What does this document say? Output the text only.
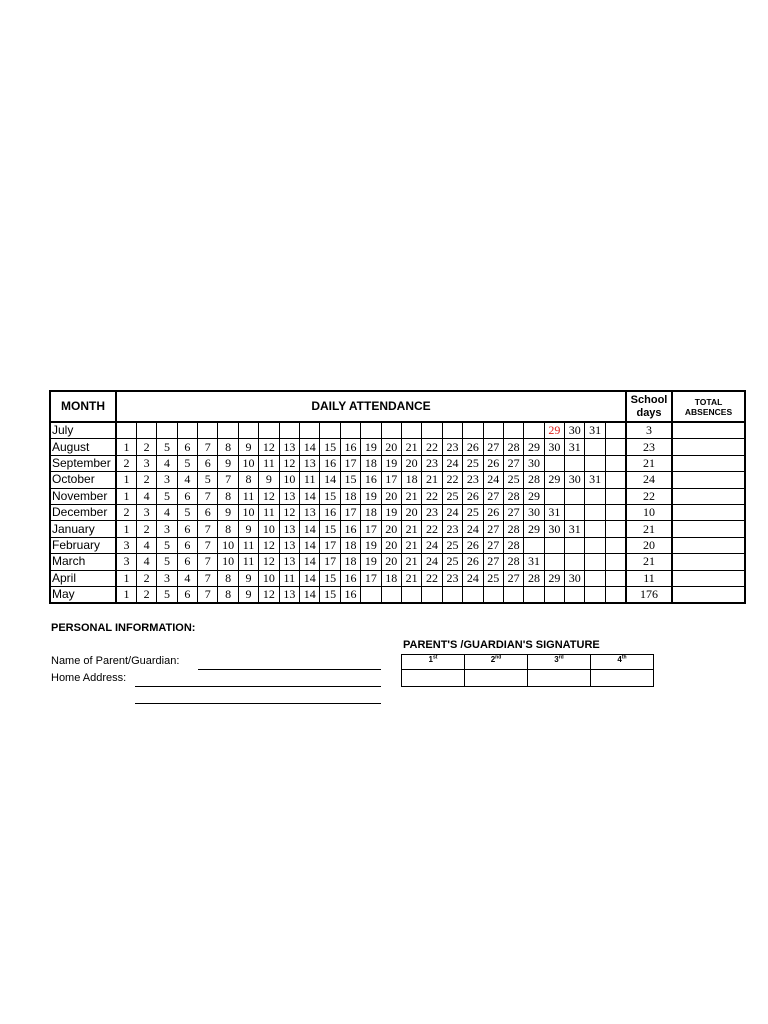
MONTH	DAILY ATTENDANCE																									School days	TOTAL ABSENCES
July																						29	30	31		3	
August	1	2	5	6	7	8	9	12	13	14	15	16	19	20	21	22	23	26	27	28	29	30	31			23	
September	2	3	4	5	6	9	10	11	12	13	16	17	18	19	20	23	24	25	26	27	30					21	
October	1	2	3	4	5	7	8	9	10	11	14	15	16	17	18	21	22	23	24	25	28	29	30	31		24	
November	1	4	5	6	7	8	11	12	13	14	15	18	19	20	21	22	25	26	27	28	29					22	
December	2	3	4	5	6	9	10	11	12	13	16	17	18	19	20	23	24	25	26	27	30	31				10	
January	1	2	3	6	7	8	9	10	13	14	15	16	17	20	21	22	23	24	27	28	29	30	31			21	
February	3	4	5	6	7	10	11	12	13	14	17	18	19	20	21	24	25	26	27	28						20	
March	3	4	5	6	7	10	11	12	13	14	17	18	19	20	21	24	25	26	27	28	31					21	
April	1	2	3	4	7	8	9	10	11	14	15	16	17	18	21	22	23	24	25	27	28	29	30			11	
May	1	2	5	6	7	8	9	12	13	14	15	16														176	
PERSONAL INFORMATION:
Name of Parent/Guardian:
Home Address:
PARENT'S /GUARDIAN'S SIGNATURE
1st	2nd	3rd	4th
